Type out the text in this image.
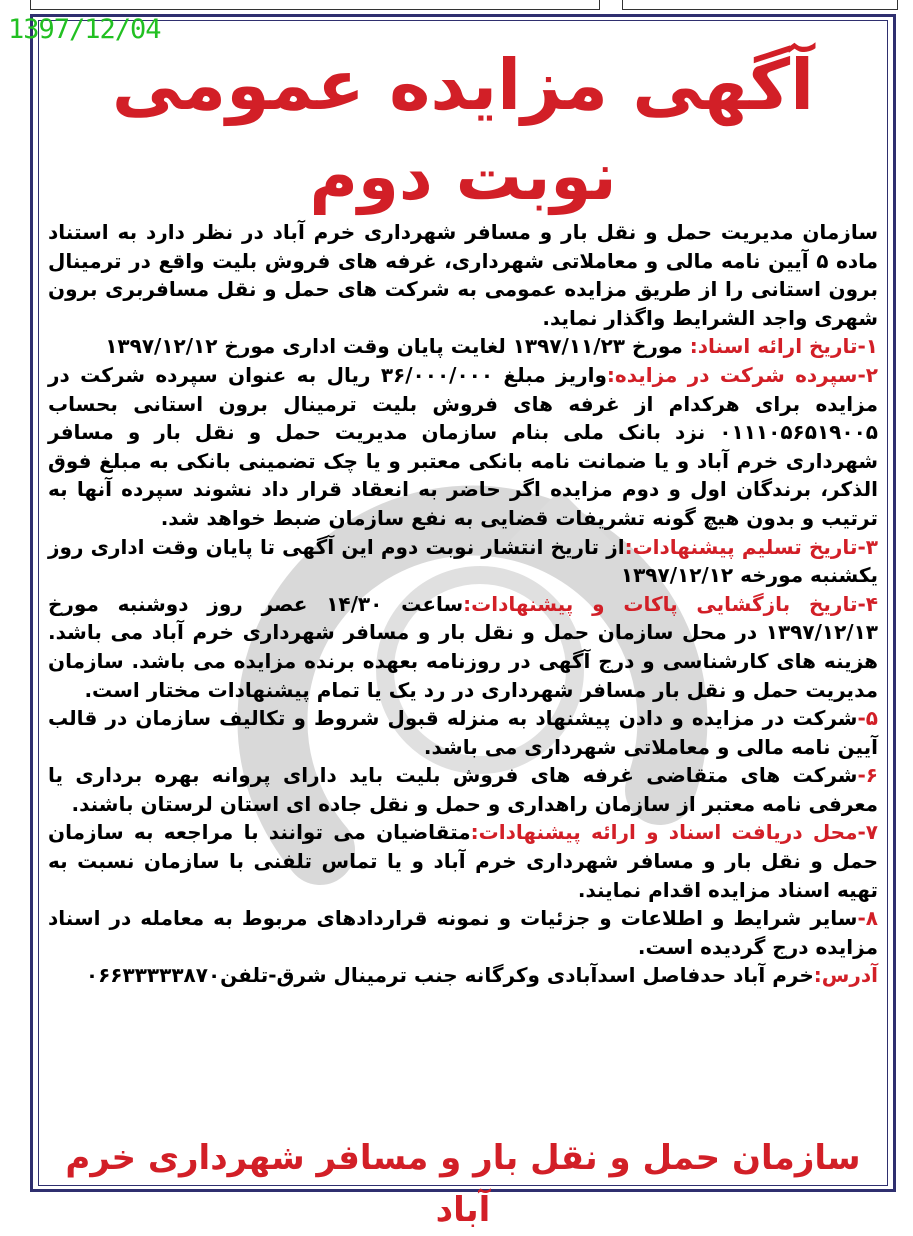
1397/12/04
آگهی مزایده عمومی
نوبت دوم

سازمان مدیریت حمل و نقل بار و مسافر شهرداری خرم آباد در نظر دارد به استناد ماده ۵ آیین نامه مالی و معاملاتی شهرداری، غرفه های فروش بلیت واقع در ترمینال برون استانی را از طریق مزایده عمومی به شرکت های حمل و نقل مسافربری برون شهری واجد الشرایط واگذار نماید.

۱-تاریخ ارائه اسناد: مورخ ۱۳۹۷/۱۱/۲۳ لغایت پایان وقت اداری مورخ ۱۳۹۷/۱۲/۱۲

۲-سپرده شرکت در مزایده:واریز مبلغ ۳۶/۰۰۰/۰۰۰ ریال به عنوان سپرده شرکت در مزایده برای هرکدام از غرفه های فروش بلیت ترمینال برون استانی بحساب ۰۱۱۱۰۵۶۵۱۹۰۰۵ نزد بانک ملی بنام سازمان مدیریت حمل و نقل بار و مسافر شهرداری خرم آباد و یا ضمانت نامه بانکی معتبر و یا چک تضمینی بانکی به مبلغ فوق الذکر، برندگان اول و دوم مزایده اگر حاضر به انعقاد قرار داد نشوند سپرده آنها به ترتیب و بدون هیچ گونه تشریفات قضایی به نفع سازمان ضبط خواهد شد.

۳-تاریخ تسلیم پیشنهادات:از تاریخ انتشار نوبت دوم این آگهی تا پایان وقت اداری روز یکشنبه مورخه ۱۳۹۷/۱۲/۱۲

۴-تاریخ بازگشایی پاکات و پیشنهادات:ساعت ۱۴/۳۰ عصر روز دوشنبه مورخ ۱۳۹۷/۱۲/۱۳ در محل سازمان حمل و نقل بار و مسافر شهرداری خرم آباد می باشد. هزینه های کارشناسی و درج آگهی در روزنامه بعهده برنده مزایده می باشد. سازمان مدیریت حمل و نقل بار مسافر شهرداری در رد یک یا تمام پیشنهادات مختار است.

۵-شرکت در مزایده و دادن پیشنهاد به منزله قبول شروط و تکالیف سازمان در قالب آیین نامه مالی و معاملاتی شهرداری می باشد.

۶-شرکت های متقاضی غرفه های فروش بلیت باید دارای پروانه بهره برداری یا معرفی نامه معتبر از سازمان راهداری و حمل و نقل جاده ای استان لرستان باشند.

۷-محل دریافت اسناد و ارائه پیشنهادات:متقاضیان می توانند با مراجعه به سازمان حمل و نقل بار و مسافر شهرداری خرم آباد و یا تماس تلفنی با سازمان نسبت به تهیه اسناد مزایده اقدام نمایند.

۸-سایر شرایط و اطلاعات و جزئیات و نمونه قراردادهای مربوط به معامله در اسناد مزایده درج گردیده است.

آدرس:خرم آباد حدفاصل اسدآبادی وکرگانه جنب ترمینال شرق-تلفن۰۶۶۳۳۳۳۳۸۷۰

سازمان حمل و نقل بار و مسافر شهرداری خرم آباد
